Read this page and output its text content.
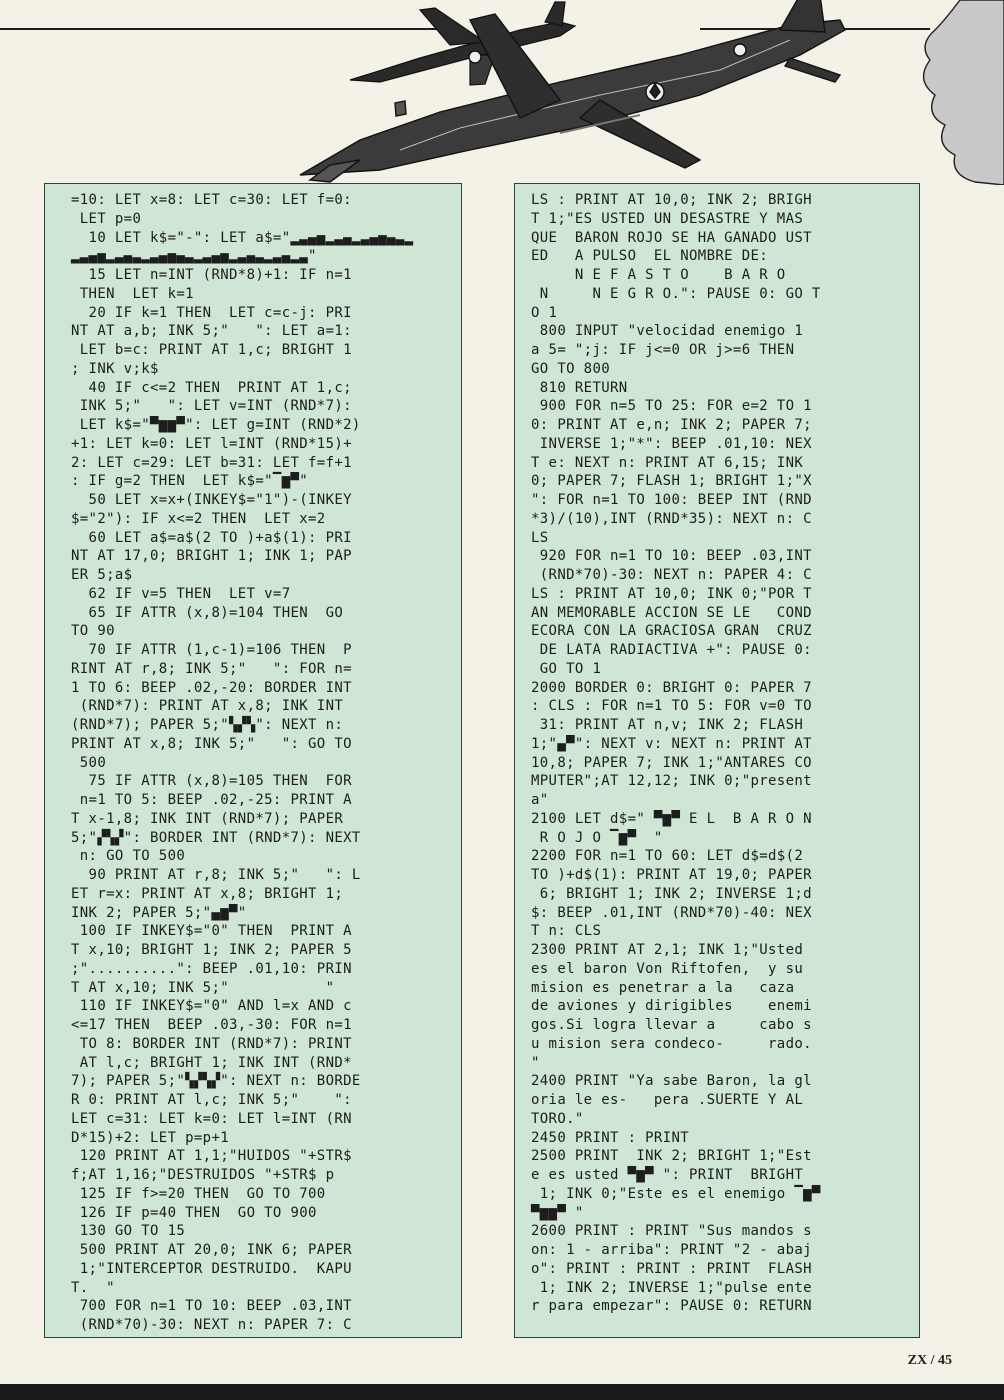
=10: LET x=8: LET c=30: LET f=0:
LET p=0
10 LET k$="-": LET a$="▂▃▄▅▂▃▄▂▃▄▅▄▃▂
▂▃▄▅▂▃▄▃▂▃▄▅▄▃▂▃▄▅▂▃▄▃▂▃▄▂▃"
15 LET n=INT (RND*8)+1: IF n=1
THEN  LET k=1
20 IF k=1 THEN  LET c=c-j: PRI
NT AT a,b; INK 5;"   ": LET a=1:
LET b=c: PRINT AT 1,c; BRIGHT 1
; INK v;k$
40 IF c<=2 THEN  PRINT AT 1,c;
INK 5;"   ": LET v=INT (RND*7):
LET k$="▀▆▆▀": LET g=INT (RND*2)
+1: LET k=0: LET l=INT (RND*15)+
2: LET c=29: LET b=31: LET f=f+1
: IF g=2 THEN  LET k$="▔▆▀"
50 LET x=x+(INKEY$="1")-(INKEY
$="2"): IF x<=2 THEN  LET x=2
60 LET a$=a$(2 TO )+a$(1): PRI
NT AT 17,0; BRIGHT 1; INK 1; PAP
ER 5;a$
62 IF v=5 THEN  LET v=7
65 IF ATTR (x,8)=104 THEN  GO
TO 90
70 IF ATTR (1,c-1)=106 THEN  P
RINT AT r,8; INK 5;"   ": FOR n=
1 TO 6: BEEP .02,-20: BORDER INT
(RND*7): PRINT AT x,8; INK INT
(RND*7); PAPER 5;"▚▞▚": NEXT n:
PRINT AT x,8; INK 5;"   ": GO TO
500
75 IF ATTR (x,8)=105 THEN  FOR
n=1 TO 5: BEEP .02,-25: PRINT A
T x-1,8; INK INT (RND*7); PAPER
5;"▞▚▞": BORDER INT (RND*7): NEXT
n: GO TO 500
90 PRINT AT r,8; INK 5;"   ": L
ET r=x: PRINT AT x,8; BRIGHT 1;
INK 2; PAPER 5;"▄▆▀"
100 IF INKEY$="0" THEN  PRINT A
T x,10; BRIGHT 1; INK 2; PAPER 5
;"..........": BEEP .01,10: PRIN
T AT x,10; INK 5;"           "
110 IF INKEY$="0" AND l=x AND c
<=17 THEN  BEEP .03,-30: FOR n=1
TO 8: BORDER INT (RND*7): PRINT
AT l,c; BRIGHT 1; INK INT (RND*
7); PAPER 5;"▚▞▚▞": NEXT n: BORDE
R 0: PRINT AT l,c; INK 5;"    ":
LET c=31: LET k=0: LET l=INT (RN
D*15)+2: LET p=p+1
120 PRINT AT 1,1;"HUIDOS "+STR$
f;AT 1,16;"DESTRUIDOS "+STR$ p
125 IF f>=20 THEN  GO TO 700
126 IF p=40 THEN  GO TO 900
130 GO TO 15
500 PRINT AT 20,0; INK 6; PAPER
1;"INTERCEPTOR DESTRUIDO.  KAPU
T.  "
700 FOR n=1 TO 10: BEEP .03,INT
(RND*70)-30: NEXT n: PAPER 7: C
LS : PRINT AT 10,0; INK 2; BRIGH
T 1;"ES USTED UN DESASTRE Y MAS
QUE  BARON ROJO SE HA GANADO UST
ED   A PULSO  EL NOMBRE DE:
N E F A S T O    B A R O
N     N E G R O.": PAUSE 0: GO T
O 1
800 INPUT "velocidad enemigo 1
a 5= ";j: IF j<=0 OR j>=6 THEN
GO TO 800
810 RETURN
900 FOR n=5 TO 25: FOR e=2 TO 1
0: PRINT AT e,n; INK 2; PAPER 7;
INVERSE 1;"*": BEEP .01,10: NEX
T e: NEXT n: PRINT AT 6,15; INK
0; PAPER 7; FLASH 1; BRIGHT 1;"X
": FOR n=1 TO 100: BEEP INT (RND
*3)/(10),INT (RND*35): NEXT n: C
LS
920 FOR n=1 TO 10: BEEP .03,INT
(RND*70)-30: NEXT n: PAPER 4: C
LS : PRINT AT 10,0; INK 0;"POR T
AN MEMORABLE ACCION SE LE   COND
ECORA CON LA GRACIOSA GRAN  CRUZ
DE LATA RADIACTIVA +": PAUSE 0:
GO TO 1
2000 BORDER 0: BRIGHT 0: PAPER 7
: CLS : FOR n=1 TO 5: FOR v=0 TO
31: PRINT AT n,v; INK 2; FLASH
1;"▄▀": NEXT v: NEXT n: PRINT AT
10,8; PAPER 7; INK 1;"ANTARES CO
MPUTER";AT 12,12; INK 0;"present
a"
2100 LET d$=" ▀▆▀ E L  B A R O N
R O J O ▔▆▀  "
2200 FOR n=1 TO 60: LET d$=d$(2
TO )+d$(1): PRINT AT 19,0; PAPER
6; BRIGHT 1; INK 2; INVERSE 1;d
$: BEEP .01,INT (RND*70)-40: NEX
T n: CLS
2300 PRINT AT 2,1; INK 1;"Usted
es el baron Von Riftofen,  y su
mision es penetrar a la   caza
de aviones y dirigibles    enemi
gos.Si logra llevar a     cabo s
u mision sera condeco-     rado.
"
2400 PRINT "Ya sabe Baron, la gl
oria le es-   pera .SUERTE Y AL
TORO."
2450 PRINT : PRINT
2500 PRINT  INK 2; BRIGHT 1;"Est
e es usted ▀▆▀ ": PRINT  BRIGHT
1; INK 0;"Este es el enemigo ▔▆▀
▀▆▆▀ "
2600 PRINT : PRINT "Sus mandos s
on: 1 - arriba": PRINT "2 - abaj
o": PRINT : PRINT : PRINT  FLASH
1; INK 2; INVERSE 1;"pulse ente
r para empezar": PAUSE 0: RETURN
ZX / 45
